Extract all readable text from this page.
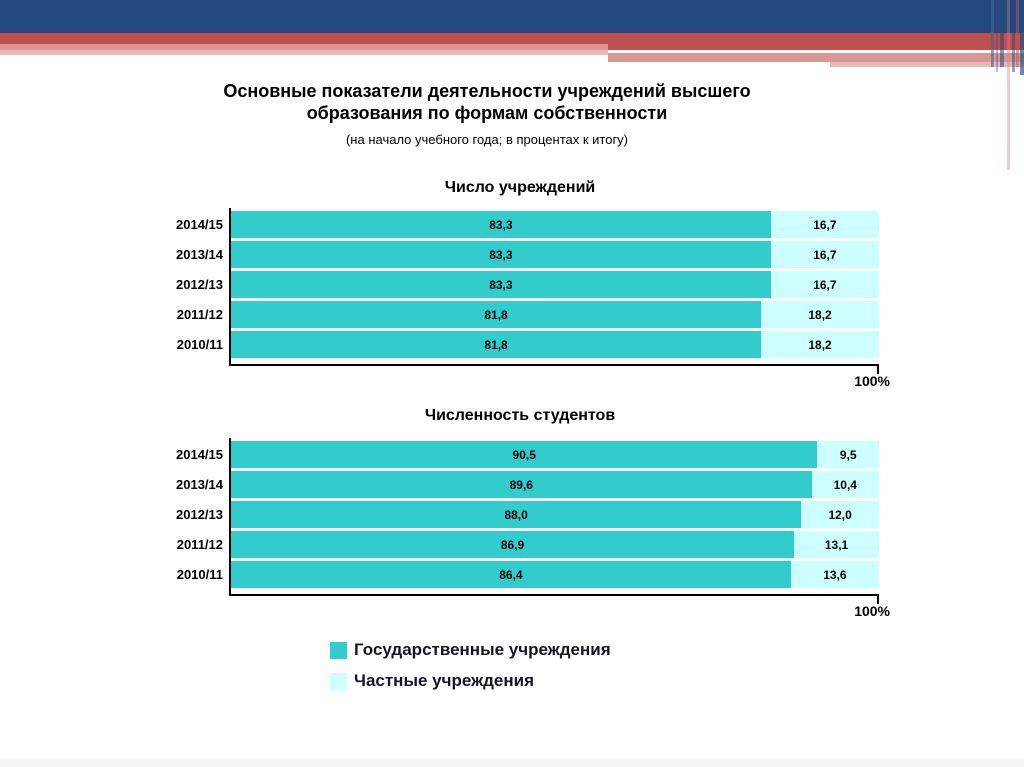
Основные показатели деятельности учреждений высшего образования по формам собственности
(на начало учебного года; в процентах к итогу)
Число учреждений
2014/15	83,3	16,7
2013/14	83,3	16,7
2012/13	83,3	16,7
2011/12	81,8	18,2
2010/11	81,8	18,2
100%
Численность студентов
2014/15	90,5	9,5
2013/14	89,6	10,4
2012/13	88,0	12,0
2011/12	86,9	13,1
2010/11	86,4	13,6
100%
Государственные учреждения
Частные учреждения
